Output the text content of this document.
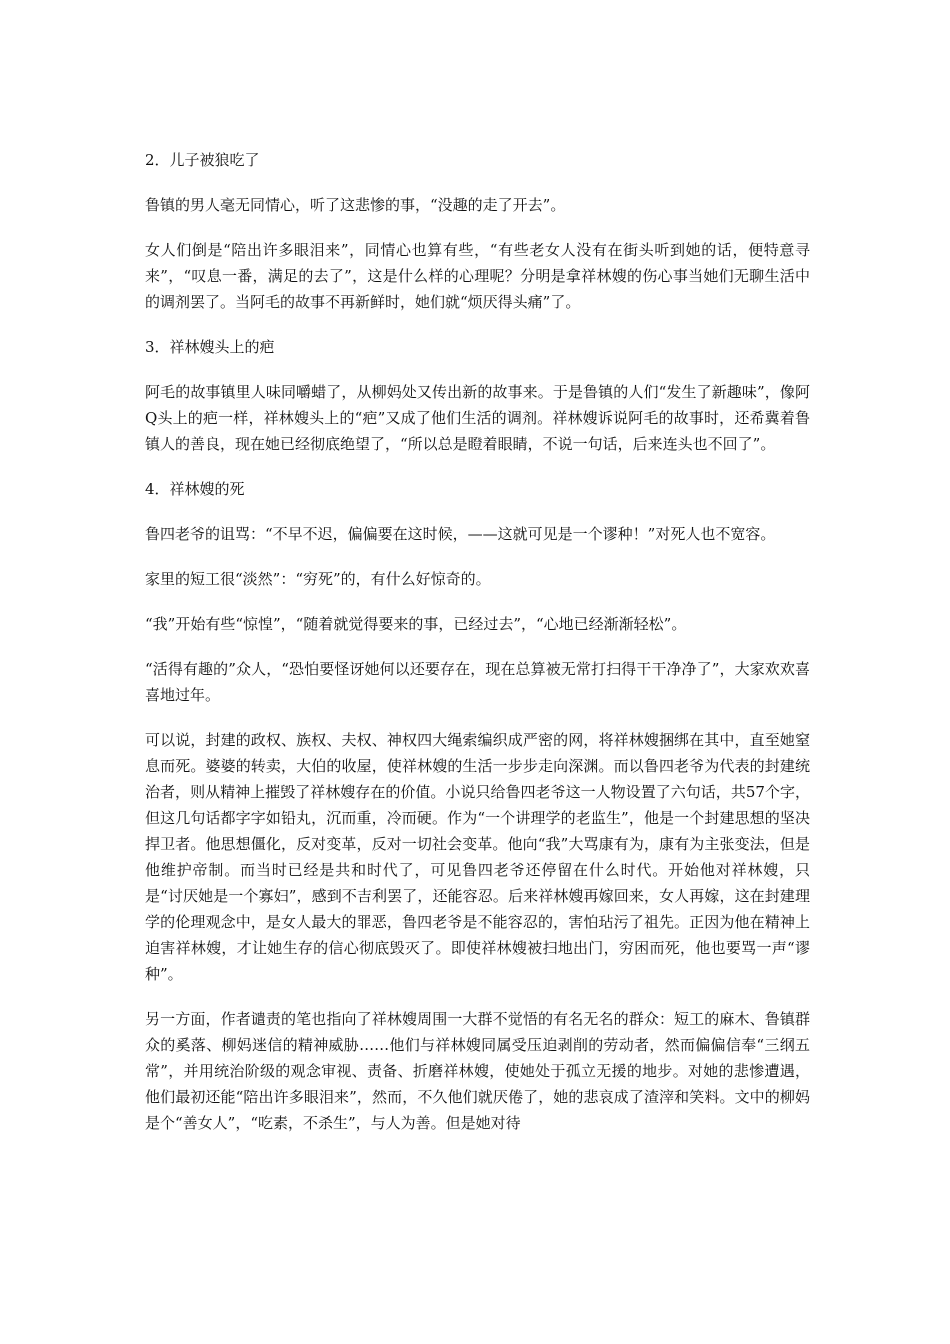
2．儿子被狼吃了

鲁镇的男人毫无同情心，听了这悲惨的事，“没趣的走了开去”。

女人们倒是“陪出许多眼泪来”，同情心也算有些，“有些老女人没有在街头听到她的话，便特意寻来”，“叹息一番，满足的去了”，这是什么样的心理呢？分明是拿祥林嫂的伤心事当她们无聊生活中的调剂罢了。当阿毛的故事不再新鲜时，她们就“烦厌得头痛”了。

3．祥林嫂头上的疤

阿毛的故事镇里人味同嚼蜡了，从柳妈处又传出新的故事来。于是鲁镇的人们“发生了新趣味”，像阿Q头上的疤一样，祥林嫂头上的“疤”又成了他们生活的调剂。祥林嫂诉说阿毛的故事时，还希冀着鲁镇人的善良，现在她已经彻底绝望了，“所以总是瞪着眼睛，不说一句话，后来连头也不回了”。

4．祥林嫂的死

鲁四老爷的诅骂：“不早不迟，偏偏要在这时候，——这就可见是一个谬种！”对死人也不宽容。

家里的短工很“淡然”：“穷死”的，有什么好惊奇的。

“我”开始有些“惊惶”，“随着就觉得要来的事，已经过去”，“心地已经渐渐轻松”。

“活得有趣的”众人，“恐怕要怪讶她何以还要存在，现在总算被无常打扫得干干净净了”，大家欢欢喜喜地过年。

可以说，封建的政权、族权、夫权、神权四大绳索编织成严密的网，将祥林嫂捆绑在其中，直至她窒息而死。婆婆的转卖，大伯的收屋，使祥林嫂的生活一步步走向深渊。而以鲁四老爷为代表的封建统治者，则从精神上摧毁了祥林嫂存在的价值。小说只给鲁四老爷这一人物设置了六句话，共57个字，但这几句话都字字如铅丸，沉而重，冷而硬。作为“一个讲理学的老监生”，他是一个封建思想的坚决捍卫者。他思想僵化，反对变革，反对一切社会变革。他向“我”大骂康有为，康有为主张变法，但是他维护帝制。而当时已经是共和时代了，可见鲁四老爷还停留在什么时代。开始他对祥林嫂，只是“讨厌她是一个寡妇”，感到不吉利罢了，还能容忍。后来祥林嫂再嫁回来，女人再嫁，这在封建理学的伦理观念中，是女人最大的罪恶，鲁四老爷是不能容忍的，害怕玷污了祖先。正因为他在精神上迫害祥林嫂，才让她生存的信心彻底毁灭了。即使祥林嫂被扫地出门，穷困而死，他也要骂一声“谬种”。

另一方面，作者谴责的笔也指向了祥林嫂周围一大群不觉悟的有名无名的群众：短工的麻木、鲁镇群众的奚落、柳妈迷信的精神威胁……他们与祥林嫂同属受压迫剥削的劳动者，然而偏偏信奉“三纲五常”，并用统治阶级的观念审视、责备、折磨祥林嫂，使她处于孤立无援的地步。对她的悲惨遭遇，他们最初还能“陪出许多眼泪来”，然而，不久他们就厌倦了，她的悲哀成了渣滓和笑料。文中的柳妈是个“善女人”，“吃素，不杀生”，与人为善。但是她对待
